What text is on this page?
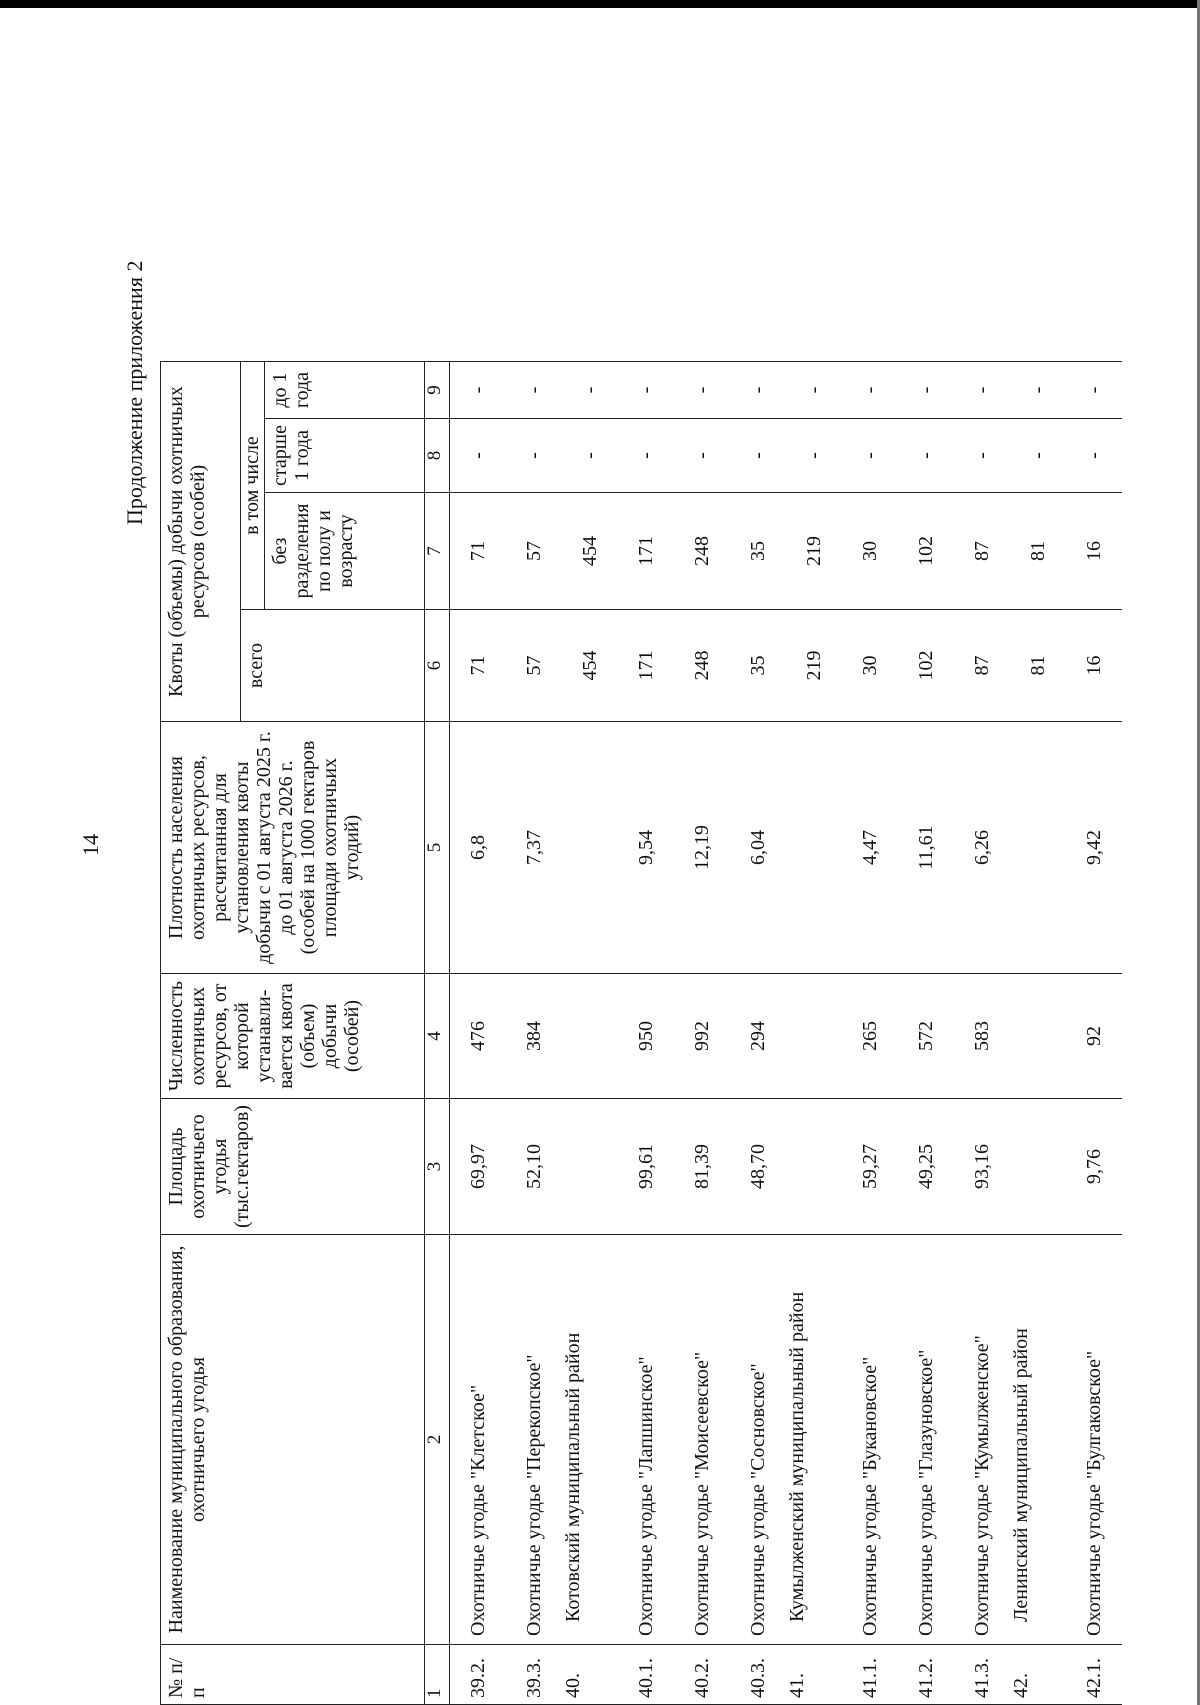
14
Продолжение приложения 2
№ п/п	Наименование муниципального образования, охотничьего угодья	Площадь охотничьего угодья (тыс.гектаров)	Численность охотничьих ресурсов, от которой устанавли-вается квота (объем) добычи (особей)	Плотность населения охотничьих ресурсов, рассчитанная для установления квоты добычи с 01 августа 2025 г. до 01 августа 2026 г. (особей на 1000 гектаров площади охотничьих угодий)	Квоты (объемы) добычи охотничьих ресурсов (особей)			
					всего	в том числе		
						без разделения по полу и возрасту	старше 1 года	до 1 года
1	2	3	4	5	6	7	8	9
39.2.	Охотничье угодье "Клетское"	69,97	476	6,8	71	71	-	-
39.3.	Охотничье угодье "Перекопское"	52,10	384	7,37	57	57	-	-
40.	Котовский муниципальный район				454	454	-	-
40.1.	Охотничье угодье "Лапшинское"	99,61	950	9,54	171	171	-	-
40.2.	Охотничье угодье "Моисеевское"	81,39	992	12,19	248	248	-	-
40.3.	Охотничье угодье "Сосновское"	48,70	294	6,04	35	35	-	-
41.	Кумылженский муниципальный район				219	219	-	-
41.1.	Охотничье угодье "Букановское"	59,27	265	4,47	30	30	-	-
41.2.	Охотничье угодье "Глазуновское"	49,25	572	11,61	102	102	-	-
41.3.	Охотничье угодье "Кумылженское"	93,16	583	6,26	87	87	-	-
42.	Ленинский муниципальный район				81	81	-	-
42.1.	Охотничье угодье "Булгаковское"	9,76	92	9,42	16	16	-	-
